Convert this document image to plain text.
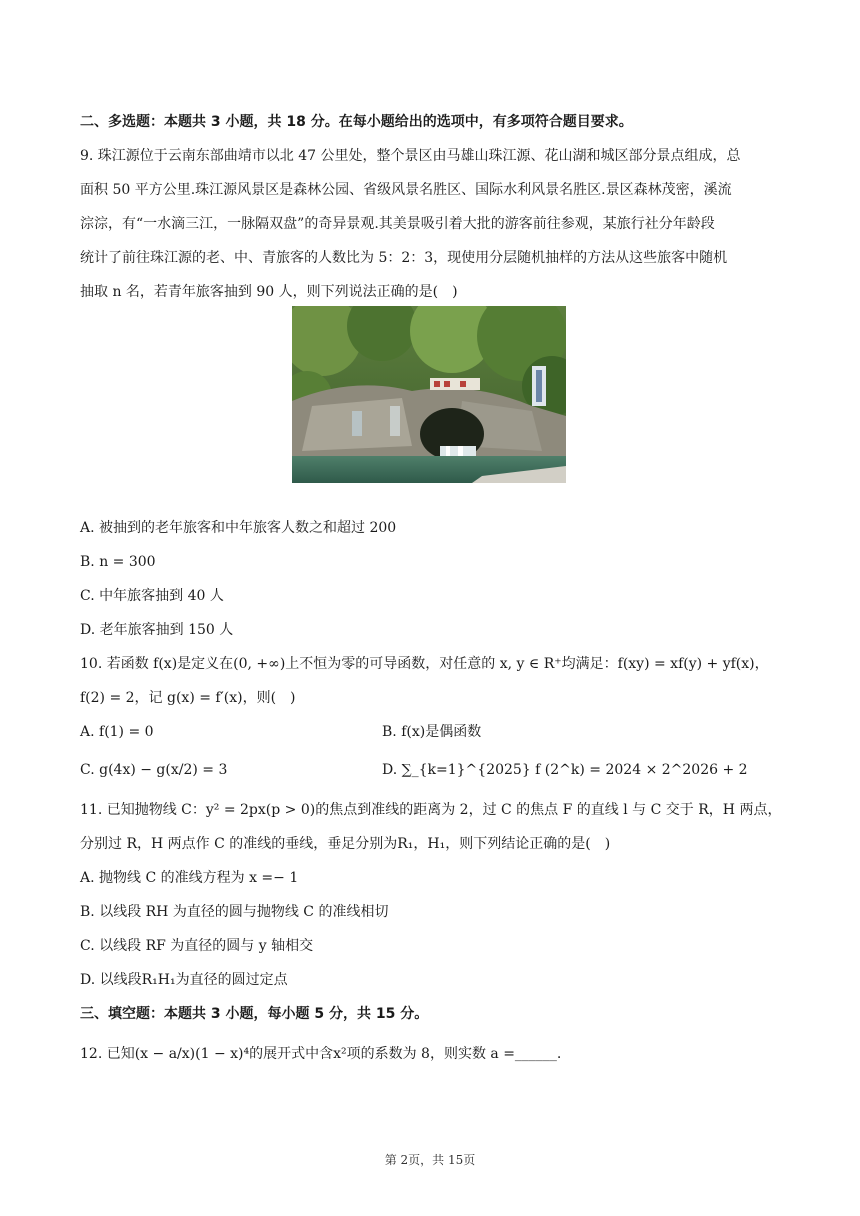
二、多选题：本题共 3 小题，共 18 分。在每小题给出的选项中，有多项符合题目要求。
9. 珠江源位于云南东部曲靖市以北 47 公里处，整个景区由马雄山珠江源、花山湖和城区部分景点组成，总
面积 50 平方公里.珠江源风景区是森林公园、省级风景名胜区、国际水利风景名胜区.景区森林茂密，溪流
淙淙，有“一水滴三江，一脉隔双盘”的奇异景观.其美景吸引着大批的游客前往参观，某旅行社分年龄段
统计了前往珠江源的老、中、青旅客的人数比为 5：2：3，现使用分层随机抽样的方法从这些旅客中随机
抽取 n 名，若青年旅客抽到 90 人，则下列说法正确的是(　)
A. 被抽到的老年旅客和中年旅客人数之和超过 200
B. n = 300
C. 中年旅客抽到 40 人
D. 老年旅客抽到 150 人
10. 若函数 f(x)是定义在(0, +∞)上不恒为零的可导函数，对任意的 x, y ∈ R⁺均满足：f(xy) = xf(y) + yf(x)，
f(2) = 2，记 g(x) = f′(x)，则(　)
A. f(1) = 0	B. f(x)是偶函数
C. g(4x) − g(x/2) = 3	D. ∑_{k=1}^{2025} f (2^k) = 2024 × 2^2026 + 2
11. 已知抛物线 C：y² = 2px(p > 0)的焦点到准线的距离为 2，过 C 的焦点 F 的直线 l 与 C 交于 R，H 两点，
分别过 R，H 两点作 C 的准线的垂线，垂足分别为R₁，H₁，则下列结论正确的是(　)
A. 抛物线 C 的准线方程为 x =− 1
B. 以线段 RH 为直径的圆与抛物线 C 的准线相切
C. 以线段 RF 为直径的圆与 y 轴相交
D. 以线段R₁H₁为直径的圆过定点
三、填空题：本题共 3 小题，每小题 5 分，共 15 分。
12. 已知(x − a/x)(1 − x)⁴的展开式中含x²项的系数为 8，则实数 a =______.
第 2页，共 15页
